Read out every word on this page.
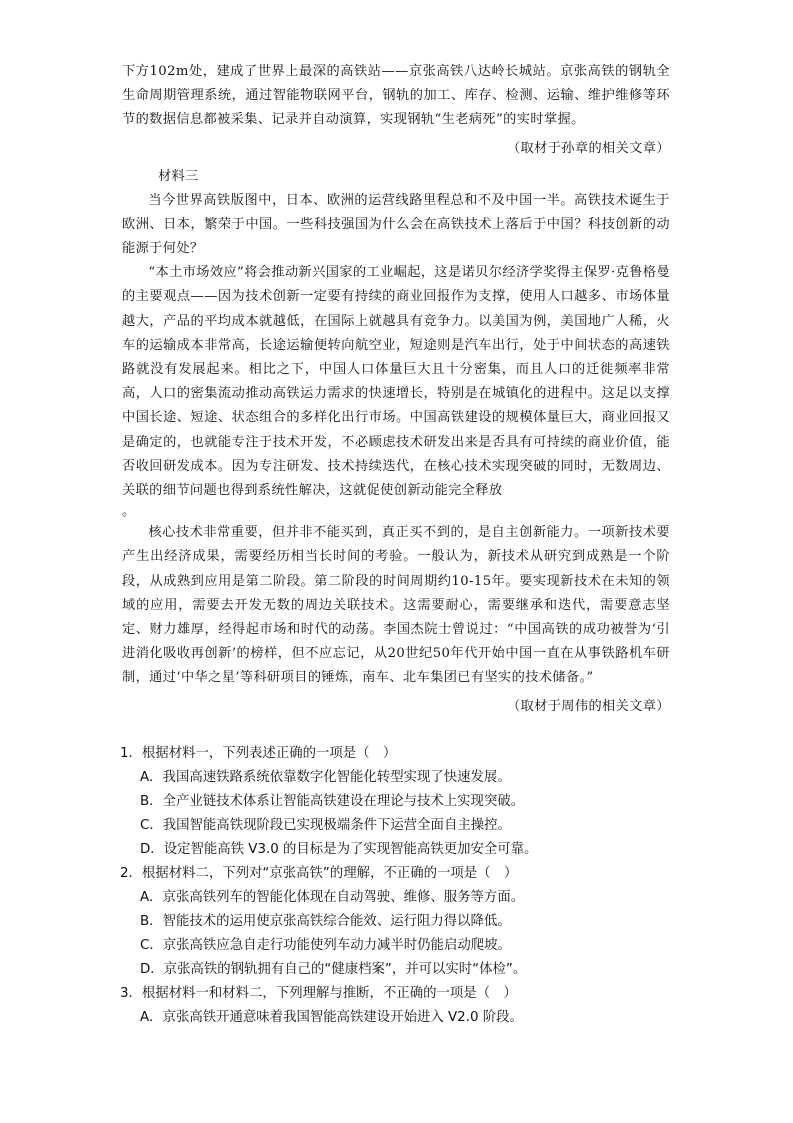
下方102m处，建成了世界上最深的高铁站——京张高铁八达岭长城站。京张高铁的钢轨全生命周期管理系统，通过智能物联网平台，钢轨的加工、库存、检测、运输、维护维修等环节的数据信息都被采集、记录并自动演算，实现钢轨“生老病死”的实时掌握。

（取材于孙章的相关文章）

材料三

当今世界高铁版图中，日本、欧洲的运营线路里程总和不及中国一半。高铁技术诞生于欧洲、日本，繁荣于中国。一些科技强国为什么会在高铁技术上落后于中国？科技创新的动能源于何处？

“本土市场效应”将会推动新兴国家的工业崛起，这是诺贝尔经济学奖得主保罗·克鲁格曼的主要观点——因为技术创新一定要有持续的商业回报作为支撑，使用人口越多、市场体量越大，产品的平均成本就越低，在国际上就越具有竞争力。以美国为例，美国地广人稀，火车的运输成本非常高，长途运输便转向航空业，短途则是汽车出行，处于中间状态的高速铁路就没有发展起来。相比之下，中国人口体量巨大且十分密集，而且人口的迁徙频率非常高，人口的密集流动推动高铁运力需求的快速增长，特别是在城镇化的进程中。这足以支撑中国长途、短途、状态组合的多样化出行市场。中国高铁建设的规模体量巨大，商业回报又是确定的，也就能专注于技术开发，不必顾虑技术研发出来是否具有可持续的商业价值，能否收回研发成本。因为专注研发、技术持续迭代，在核心技术实现突破的同时，无数周边、关联的细节问题也得到系统性解决，这就促使创新动能完全释放

。

核心技术非常重要，但并非不能买到，真正买不到的，是自主创新能力。一项新技术要产生出经济成果，需要经历相当长时间的考验。一般认为，新技术从研究到成熟是一个阶段，从成熟到应用是第二阶段。第二阶段的时间周期约10-15年。要实现新技术在未知的领域的应用，需要去开发无数的周边关联技术。这需要耐心，需要继承和迭代，需要意志坚定、财力雄厚，经得起市场和时代的动荡。李国杰院士曾说过：“中国高铁的成功被誉为‘引进消化吸收再创新’的榜样，但不应忘记，从20世纪50年代开始中国一直在从事铁路机车研制，通过‘中华之星’等科研项目的锤炼，南车、北车集团已有坚实的技术储备。”

（取材于周伟的相关文章）

1．根据材料一，下列表述正确的一项是（　）

A．我国高速铁路系统依靠数字化智能化转型实现了快速发展。

B．全产业链技术体系让智能高铁建设在理论与技术上实现突破。

C．我国智能高铁现阶段已实现极端条件下运营全面自主操控。

D．设定智能高铁 V3.0 的目标是为了实现智能高铁更加安全可靠。

2．根据材料二，下列对“京张高铁”的理解，不正确的一项是（　）

A．京张高铁列车的智能化体现在自动驾驶、维修、服务等方面。

B．智能技术的运用使京张高铁综合能效、运行阻力得以降低。

C．京张高铁应急自走行功能使列车动力减半时仍能启动爬坡。

D．京张高铁的钢轨拥有自己的“健康档案”，并可以实时“体检”。

3．根据材料一和材料二，下列理解与推断，不正确的一项是（　）

A．京张高铁开通意味着我国智能高铁建设开始进入 V2.0 阶段。
